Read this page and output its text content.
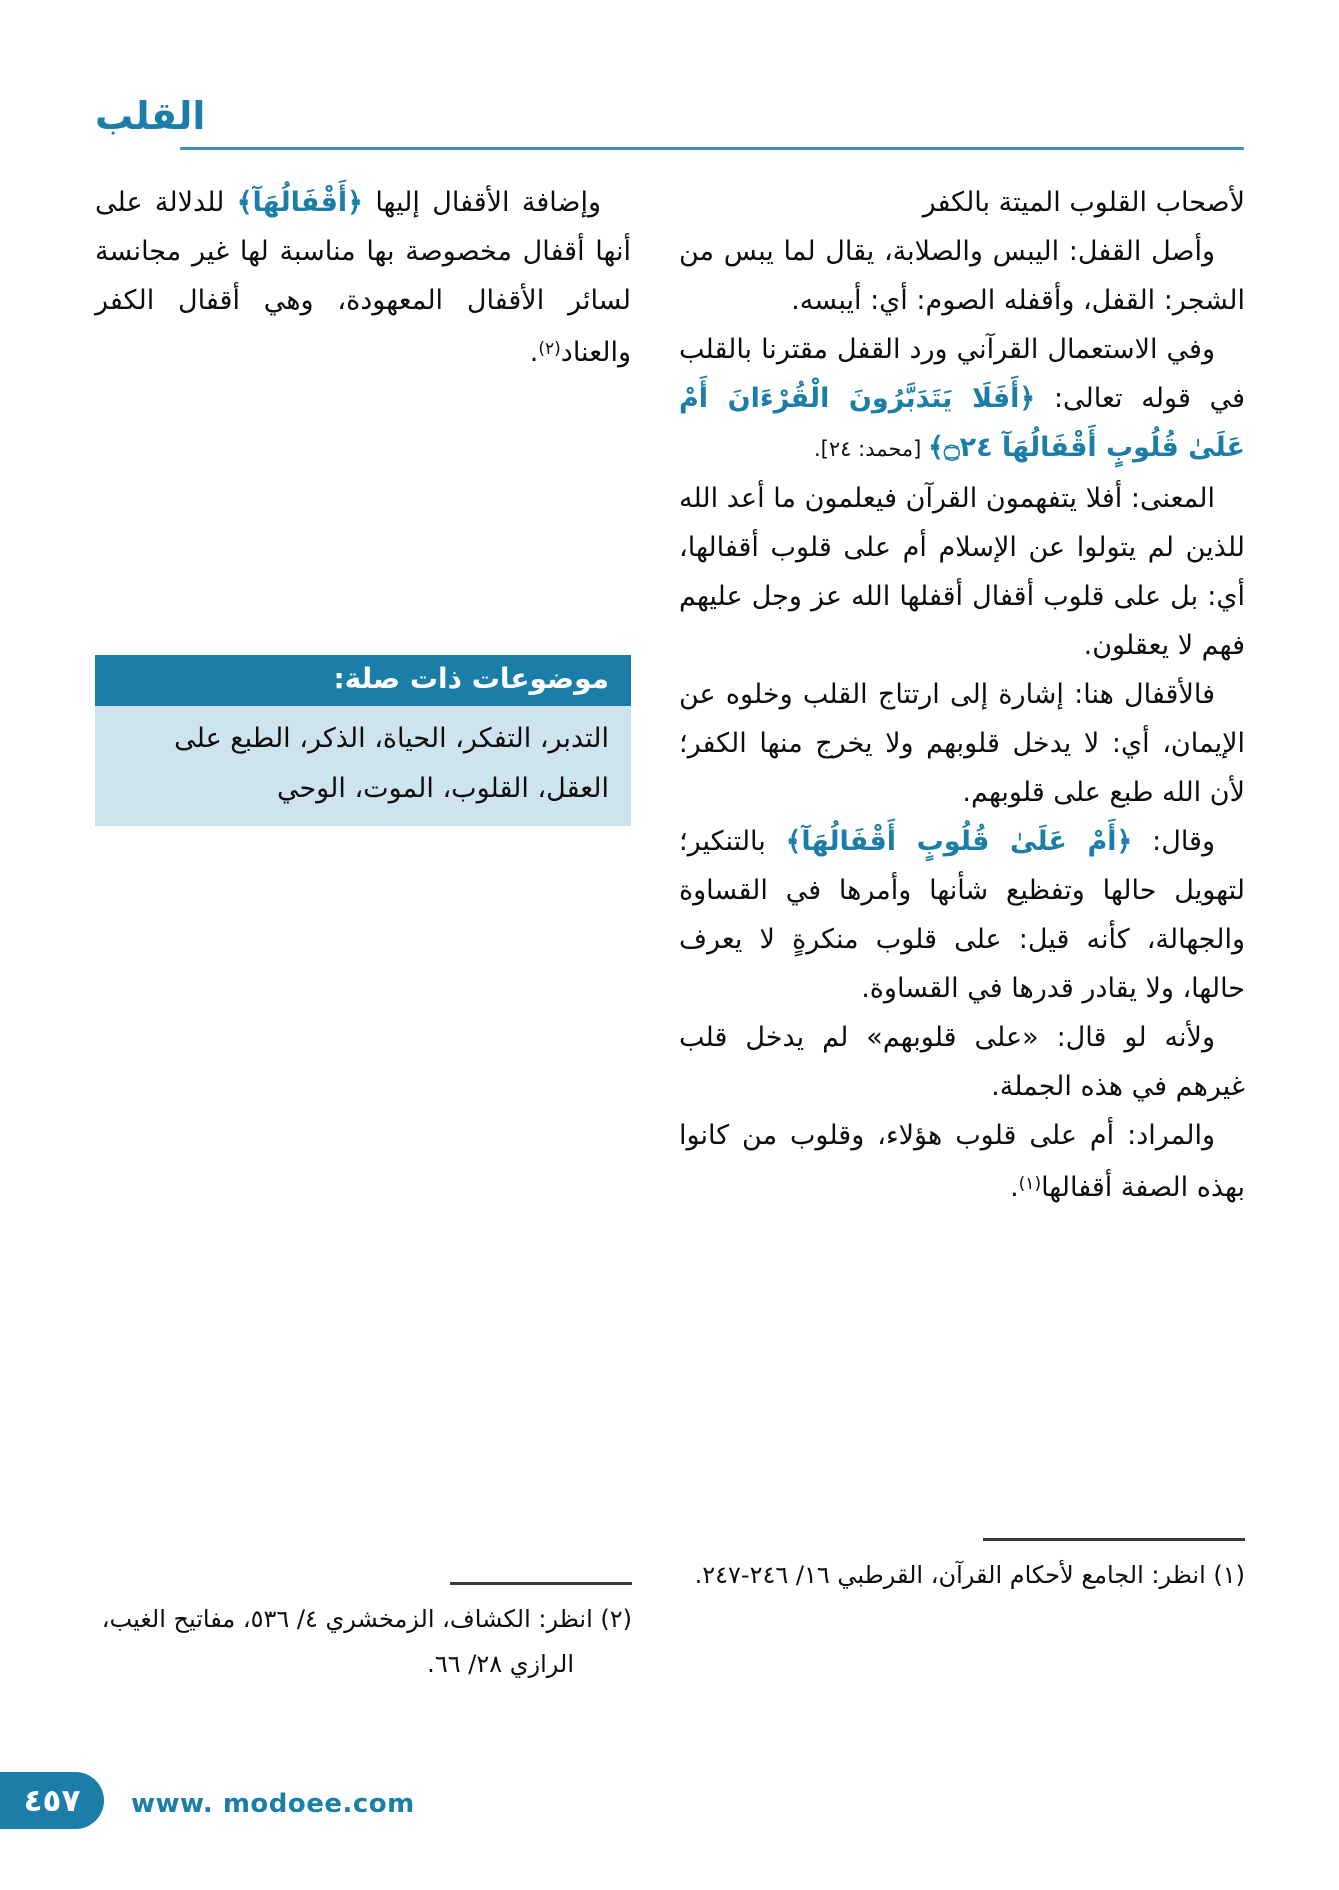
القلب

لأصحاب القلوب الميتة بالكفر

وأصل القفل: اليبس والصلابة، يقال لما يبس من الشجر: القفل، وأقفله الصوم: أي: أيبسه.

وفي الاستعمال القرآني ورد القفل مقترنا بالقلب في قوله تعالى: ﴿أَفَلَا يَتَدَبَّرُونَ الْقُرْءَانَ أَمْ عَلَىٰ قُلُوبٍ أَقْفَالُهَآ ۝٢٤﴾ [محمد: ٢٤].

المعنى: أفلا يتفهمون القرآن فيعلمون ما أعد الله للذين لم يتولوا عن الإسلام أم على قلوب أقفالها، أي: بل على قلوب أقفال أقفلها الله عز وجل عليهم فهم لا يعقلون.

فالأقفال هنا: إشارة إلى ارتتاج القلب وخلوه عن الإيمان، أي: لا يدخل قلوبهم ولا يخرج منها الكفر؛ لأن الله طبع على قلوبهم.

وقال: ﴿أَمْ عَلَىٰ قُلُوبٍ أَقْفَالُهَآ﴾ بالتنكير؛ لتهويل حالها وتفظيع شأنها وأمرها في القساوة والجهالة، كأنه قيل: على قلوب منكرةٍ لا يعرف حالها، ولا يقادر قدرها في القساوة.

ولأنه لو قال: «على قلوبهم» لم يدخل قلب غيرهم في هذه الجملة.

والمراد: أم على قلوب هؤلاء، وقلوب من كانوا بهذه الصفة أقفالها$^{(١)}$.

وإضافة الأقفال إليها ﴿أَقْفَالُهَآ﴾ للدلالة على أنها أقفال مخصوصة بها مناسبة لها غير مجانسة لسائر الأقفال المعهودة، وهي أقفال الكفر والعناد$^{(٢)}$.

موضوعات ذات صلة:
التدبر، التفكر، الحياة، الذكر، الطبع على العقل، القلوب، الموت، الوحي
(١) انظر: الجامع لأحكام القرآن، القرطبي ١٦/ ٢٤٦-٢٤٧.
(٢) انظر: الكشاف، الزمخشري ٤/ ٥٣٦، مفاتيح الغيب، الرازي ٢٨/ ٦٦.
٤٥٧ www. modoee.com
